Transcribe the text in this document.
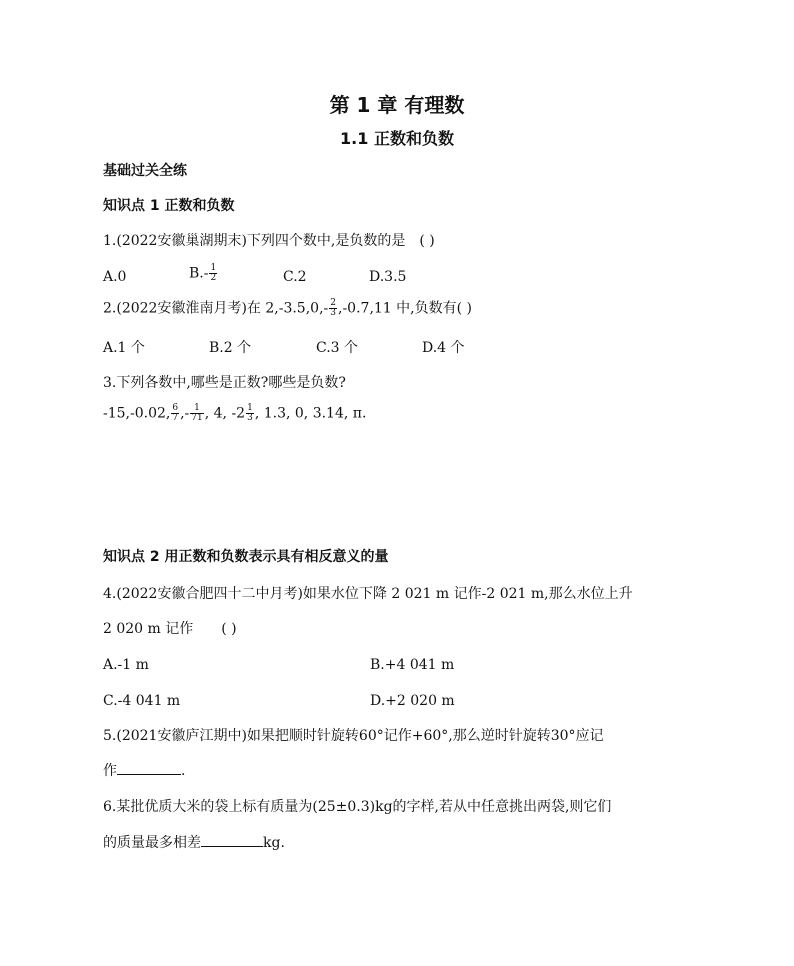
第 1 章 有理数
1.1 正数和负数
基础过关全练
知识点 1 正数和负数
1.(2022安徽巢湖期末)下列四个数中,是负数的是 ( )
A.0	$B.- \frac{1}{2}$	C.2	D.3.5
2.(2022安徽淮南月考)在 $2,-3.5,0,- \frac{2}{3} ,-0.7,11$ 中,负数有( )
A.1 个	B.2 个	C.3 个	D.4 个
3.下列各数中,哪些是正数?哪些是负数?
-15,-0.02, $\frac{6}{7}$ ,- $\frac{1}{71}$ , 4, $-2 \frac{1}{3}$ , 1.3, 0, 3.14, π.
知识点 2 用正数和负数表示具有相反意义的量
4.(2022安徽合肥四十二中月考)如果水位下降 2 021 m 记作-2 021 m,那么水位上升
2 020 m 记作 ( )
A.-1 m	B.+4 041 m
C.-4 041 m	D.+2 020 m
5.(2021安徽庐江期中)如果把顺时针旋转60°记作+60°,那么逆时针旋转30°应记
作	.
6.某批优质大米的袋上标有质量为(25±0.3)kg的字样,若从中任意挑出两袋,则它们
的质量最多相差	kg.
